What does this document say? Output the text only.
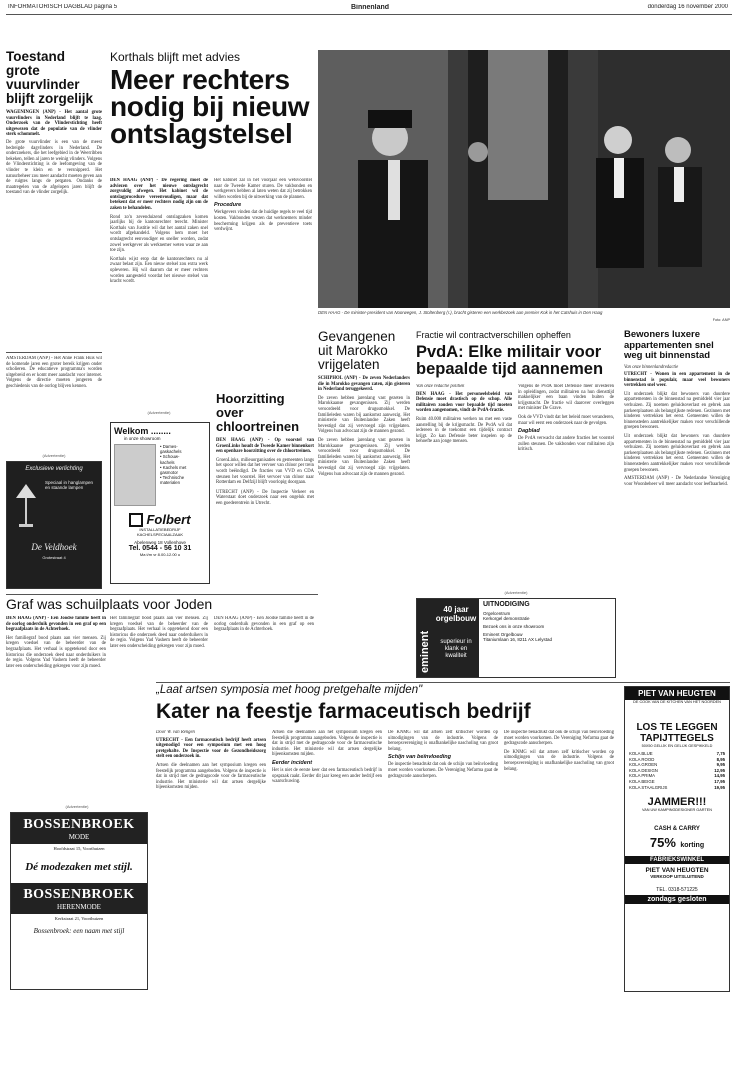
INFORMATORISCH DAGBLAD pagina 5	Binnenland	donderdag 16 november 2000
Toestand grote vuurvlinder blijft zorgelijk
WAGENINGEN (ANP) - Het aantal grote vuurvlinders in Nederland blijft te laag. Onderzoek van de Vlinderstichting heeft uitgewezen dat de populatie van de vlinder sterk schommelt.
De grote vuurvlinder is een van de meest bedreigde dagvlinders in Nederland. De onderzoekers, die het leefgebied in de Weerribben bekeken, tellen al jaren te weinig vlinders. Volgens de Vlinderstichting is de leefomgeving van de vlinder te klein en te versnipperd. Het natuurbeheer zou meer aandacht moeten geven aan de ruigtes langs de petgaten. Ondanks de maatregelen van de afgelopen jaren blijft de toestand van de vlinder zorgelijk.
AMSTERDAM (ANP) - Het Anne Frank Huis wil de komende jaren een groter bereik krijgen onder scholieren. De educatieve programma's worden uitgebreid en er komt meer aandacht voor internet. Volgens de directie moeten jongeren de geschiedenis van de oorlog blijven kennen.
(Advertentie)
Exclusieve verlichting
Speciaal in hanglampen en staande lampen
De Veldhoek
Grotestraat 4
Korthals blijft met advies
Meer rechters nodig bij nieuw ontslagstelsel
DEN HAAG (ANP) - De regering moet de adviezen over het nieuwe ontslagrecht zorgvuldig afwegen. Het kabinet wil de ontslagprocedure vereenvoudigen, maar dat betekent dat er meer rechters nodig zijn om de zaken te behandelen.
Rond zo'n zevenduizend ontslagzaken komen jaarlijks bij de kantonrechter terecht. Minister Korthals van Justitie wil dat het aantal zaken snel wordt afgehandeld. Volgens hem moet het ontslagrecht eenvoudiger en sneller worden, zodat zowel werkgever als werknemer weten waar ze aan toe zijn.
Korthals wijst erop dat de kantonrechters nu al zwaar belast zijn. Een nieuw stelsel zou extra werk opleveren. Hij wil daarom dat er meer rechters worden aangesteld voordat het nieuwe stelsel van kracht wordt.
Het kabinet zal in het voorjaar een wetsvoorstel naar de Tweede Kamer sturen. De vakbonden en werkgevers hebben al laten weten dat zij betrokken willen worden bij de uitwerking van de plannen.
Procedure
Werkgevers vinden dat de huidige regels te veel tijd kosten. Vakbonden vrezen dat werknemers minder bescherming krijgen als de preventieve toets verdwijnt.
(Advertentie)
Welkom ........
in onze showroom
• Dames-
gaskachels
• Schouw-
kachels
• Kachels met
gasmotor
• Technische
materialen
Folbert
INSTALLATIEBEDRIJF
KACHELSPECIAALZAAK
Abelenweg 18 Vollenhove
Tel. 0544 - 56 10 31
Ma t/m vr 8.00-12.00 u
Hoorzitting over chloortreinen
DEN HAAG (ANP) - Op voorstel van GroenLinks houdt de Tweede Kamer binnenkort een openbare hoorzitting over de chloortreinen.
GroenLinks, milieuorganisaties en gemeenten langs het spoor willen dat het vervoer van chloor per trein wordt beëindigd. De fracties van VVD en CDA steunen het voorstel. Het vervoer van chloor naar Rotterdam en Delfzijl blijft voorlopig doorgaan.
UTRECHT (ANP) - De Inspectie Verkeer en Waterstaat doet onderzoek naar een ongeluk met een goederentrein in Utrecht.
Graf was schuilplaats voor Joden
DEN HAAG (ANP) - Een Joodse familie heeft in de oorlog onderduik gevonden in een graf op een begraafplaats in de Achterhoek.
Het familiegraf bood plaats aan vier mensen. Zij kregen voedsel van de beheerder van de begraafplaats. Het verhaal is opgetekend door een historicus die onderzoek deed naar onderduikers in de regio. Volgens Yad Vashem heeft de beheerder later een onderscheiding gekregen voor zijn moed.
Het familiegraf bood plaats aan vier mensen. Zij kregen voedsel van de beheerder van de begraafplaats. Het verhaal is opgetekend door een historicus die onderzoek deed naar onderduikers in de regio. Volgens Yad Vashem heeft de beheerder later een onderscheiding gekregen voor zijn moed.
DEN HAAG (ANP) - Een Joodse familie heeft in de oorlog onderduik gevonden in een graf op een begraafplaats in de Achterhoek.
(Advertentie)
BOSSENBROEK
MODE
Hoofdstraat 15, Voorthuizen
Dé modezaken met stijl.
BOSSENBROEK
HERENMODE
Kerkstraat 21, Voorthuizen
Bossenbroek: een naam met stijl
DEN HAAG - De minister-president van Noorwegen, J. Stoltenberg (r.), bracht gisteren een werkbezoek aan premier Kok in het Catshuis in Den Haag
Foto: ANP
Gevangenen uit Marokko vrijgelaten
SCHIPHOL (ANP) - De zeven Nederlanders die in Marokko gevangen zaten, zijn gisteren in Nederland teruggekeerd.
De zeven hebben jarenlang vast gezeten in Marokkaanse gevangenissen. Zij werden veroordeeld voor drugssmokkel. De familieleden waren bij aankomst aanwezig. Het ministerie van Buitenlandse Zaken heeft bevestigd dat zij vervroegd zijn vrijgelaten. Volgens hun advocaat zijn de mannen gezond.
De zeven hebben jarenlang vast gezeten in Marokkaanse gevangenissen. Zij werden veroordeeld voor drugssmokkel. De familieleden waren bij aankomst aanwezig. Het ministerie van Buitenlandse Zaken heeft bevestigd dat zij vervroegd zijn vrijgelaten. Volgens hun advocaat zijn de mannen gezond.
Fractie wil contractverschillen opheffen
PvdA: Elke militair voor bepaalde tijd aannemen
Van onze redactie politiek
DEN HAAG - Het personeelsbeleid van Defensie moet drastisch op de schop. Alle militairen zouden voor bepaalde tijd moeten worden aangenomen, vindt de PvdA-fractie.
Ruim 40.000 militairen werken nu met een vaste aanstelling bij de krijgsmacht. De PvdA wil dat iedereen in de toekomst een tijdelijk contract krijgt. Zo kan Defensie beter inspelen op de behoefte aan jonge mensen.
Volgens de PvdA moet Defensie meer investeren in opleidingen, zodat militairen na hun diensttijd makkelijker een baan vinden buiten de krijgsmacht. De fractie wil daarover overleggen met minister De Grave.
Ook de VVD vindt dat het beleid moet veranderen, maar wil eerst een onderzoek naar de gevolgen.
Dagblad
De PvdA verwacht dat andere fracties het voorstel zullen steunen. De vakbonden voor militairen zijn kritisch.
(Advertentie)
eminent
40 jaar orgelbouw
superieur in klank en kwaliteit
UITNODIGING
Orgelcentrum
Kerkorgel demonstratie
Bezoek ons in onze showroom
Eminent Orgelbouw
Titaniumlaan 16, 8211 AX Lelystad
Bewoners luxere appartementen snel weg uit binnenstad
Van onze binnenlandredactie
UTRECHT - Wonen in een appartement in de binnenstad is populair, maar veel bewoners vertrekken snel weer.
Uit onderzoek blijkt dat bewoners van duurdere appartementen in de binnenstad na gemiddeld vier jaar verhuizen. Zij noemen geluidsoverlast en gebrek aan parkeerplaatsen als belangrijkste redenen. Gezinnen met kinderen vertrekken het eerst. Gemeenten willen de binnensteden aantrekkelijker maken voor verschillende groepen bewoners.
Uit onderzoek blijkt dat bewoners van duurdere appartementen in de binnenstad na gemiddeld vier jaar verhuizen. Zij noemen geluidsoverlast en gebrek aan parkeerplaatsen als belangrijkste redenen. Gezinnen met kinderen vertrekken het eerst. Gemeenten willen de binnensteden aantrekkelijker maken voor verschillende groepen bewoners.
AMSTERDAM (ANP) - De Nederlandse Vereniging voor Woonbeheer wil meer aandacht voor leefbaarheid.
„Laat artsen symposia met hoog pretgehalte mijden"
Kater na feestje farmaceutisch bedrijf
Door W. van Rengen
UTRECHT - Een farmaceutisch bedrijf heeft artsen uitgenodigd voor een symposium met een hoog pretgehalte. De Inspectie voor de Gezondheidszorg stelt een onderzoek in.
Artsen die deelnamen aan het symposium kregen een feestelijk programma aangeboden. Volgens de inspectie is dat in strijd met de gedragscode voor de farmaceutische industrie. Het ministerie wil dat artsen dergelijke bijeenkomsten mijden.
Artsen die deelnamen aan het symposium kregen een feestelijk programma aangeboden. Volgens de inspectie is dat in strijd met de gedragscode voor de farmaceutische industrie. Het ministerie wil dat artsen dergelijke bijeenkomsten mijden.
Eerder incident
Het is niet de eerste keer dat een farmaceutisch bedrijf in opspraak raakt. Eerder dit jaar kreeg een ander bedrijf een waarschuwing.
De KNMG wil dat artsen zelf kritischer worden op uitnodigingen van de industrie. Volgens de beroepsvereniging is onafhankelijke nascholing van groot belang.
Schijn van beïnvloeding
De inspectie benadrukt dat ook de schijn van beïnvloeding moet worden voorkomen. De Vereniging Nefarma gaat de gedragscode aanscherpen.
De inspectie benadrukt dat ook de schijn van beïnvloeding moet worden voorkomen. De Vereniging Nefarma gaat de gedragscode aanscherpen.
De KNMG wil dat artsen zelf kritischer worden op uitnodigingen van de industrie. Volgens de beroepsvereniging is onafhankelijke nascholing van groot belang.
PIET VAN HEUGTEN
DE COOK VAN DE KITCHEN VAN HET NOORDEN
LOS TE LEGGEN TAPIJTTEGELS
50X50 GELIJK EN GELIJK GESPIKKELD
KOLA BLUE	7,75
KOLA ROOD	8,95
KOLA GROEN	9,95
KOLA DESIGN	12,95
KOLA PRIMA	14,95
KOLA BEIGE	17,95
KOLA STAALGRIJS	19,95
JAMMER!!!
VAN UW KAMPINGDESIGNER GARTEN
CASH & CARRY
75% korting
FABRIEKSWINKEL
PIET VAN HEUGTEN
VERKOOP UITSLUITEND
TEL. 0318-571225
zondags gesloten
